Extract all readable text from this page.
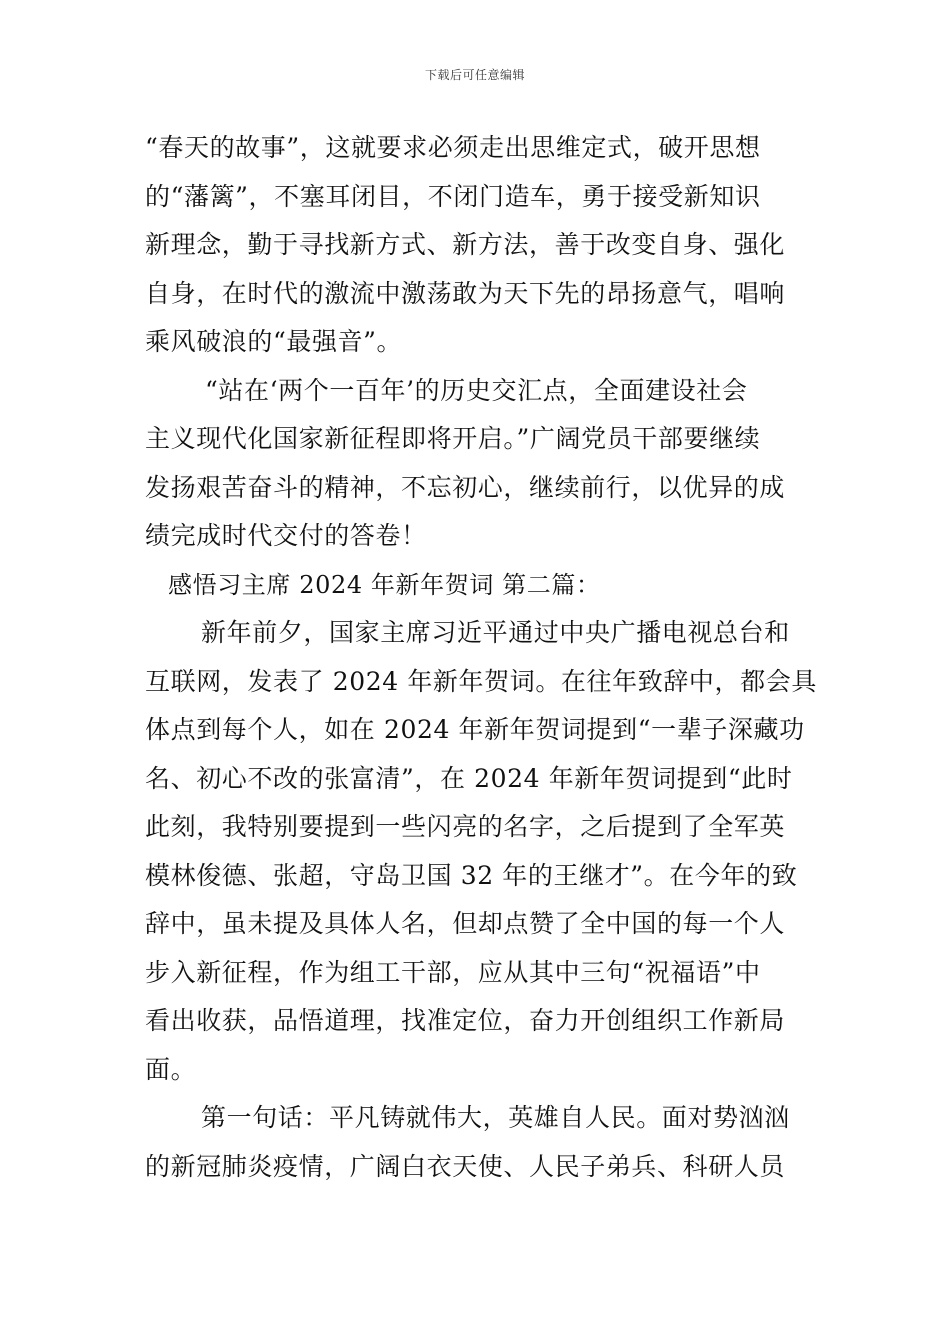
下载后可任意编辑
“春天的故事”，这就要求必须走出思维定式，破开思想
的“藩篱”，不塞耳闭目，不闭门造车，勇于接受新知识
新理念，勤于寻找新方式、新方法，善于改变自身、强化
自身，在时代的激流中激荡敢为天下先的昂扬意气，唱响
乘风破浪的“最强音”。
“站在‘两个一百年’的历史交汇点，全面建设社会
主义现代化国家新征程即将开启。”广阔党员干部要继续
发扬艰苦奋斗的精神，不忘初心，继续前行，以优异的成
绩完成时代交付的答卷！
感悟习主席 2024 年新年贺词 第二篇：
新年前夕，国家主席习近平通过中央广播电视总台和
互联网，发表了 2024 年新年贺词。在往年致辞中，都会具
体点到每个人，如在 2024 年新年贺词提到“一辈子深藏功
名、初心不改的张富清”，在 2024 年新年贺词提到“此时
此刻，我特别要提到一些闪亮的名字，之后提到了全军英
模林俊德、张超，守岛卫国 32 年的王继才”。在今年的致
辞中，虽未提及具体人名，但却点赞了全中国的每一个人
步入新征程，作为组工干部，应从其中三句“祝福语”中
看出收获，品悟道理，找准定位，奋力开创组织工作新局
面。
第一句话：平凡铸就伟大，英雄自人民。面对势汹汹
的新冠肺炎疫情，广阔白衣天使、人民子弟兵、科研人员
